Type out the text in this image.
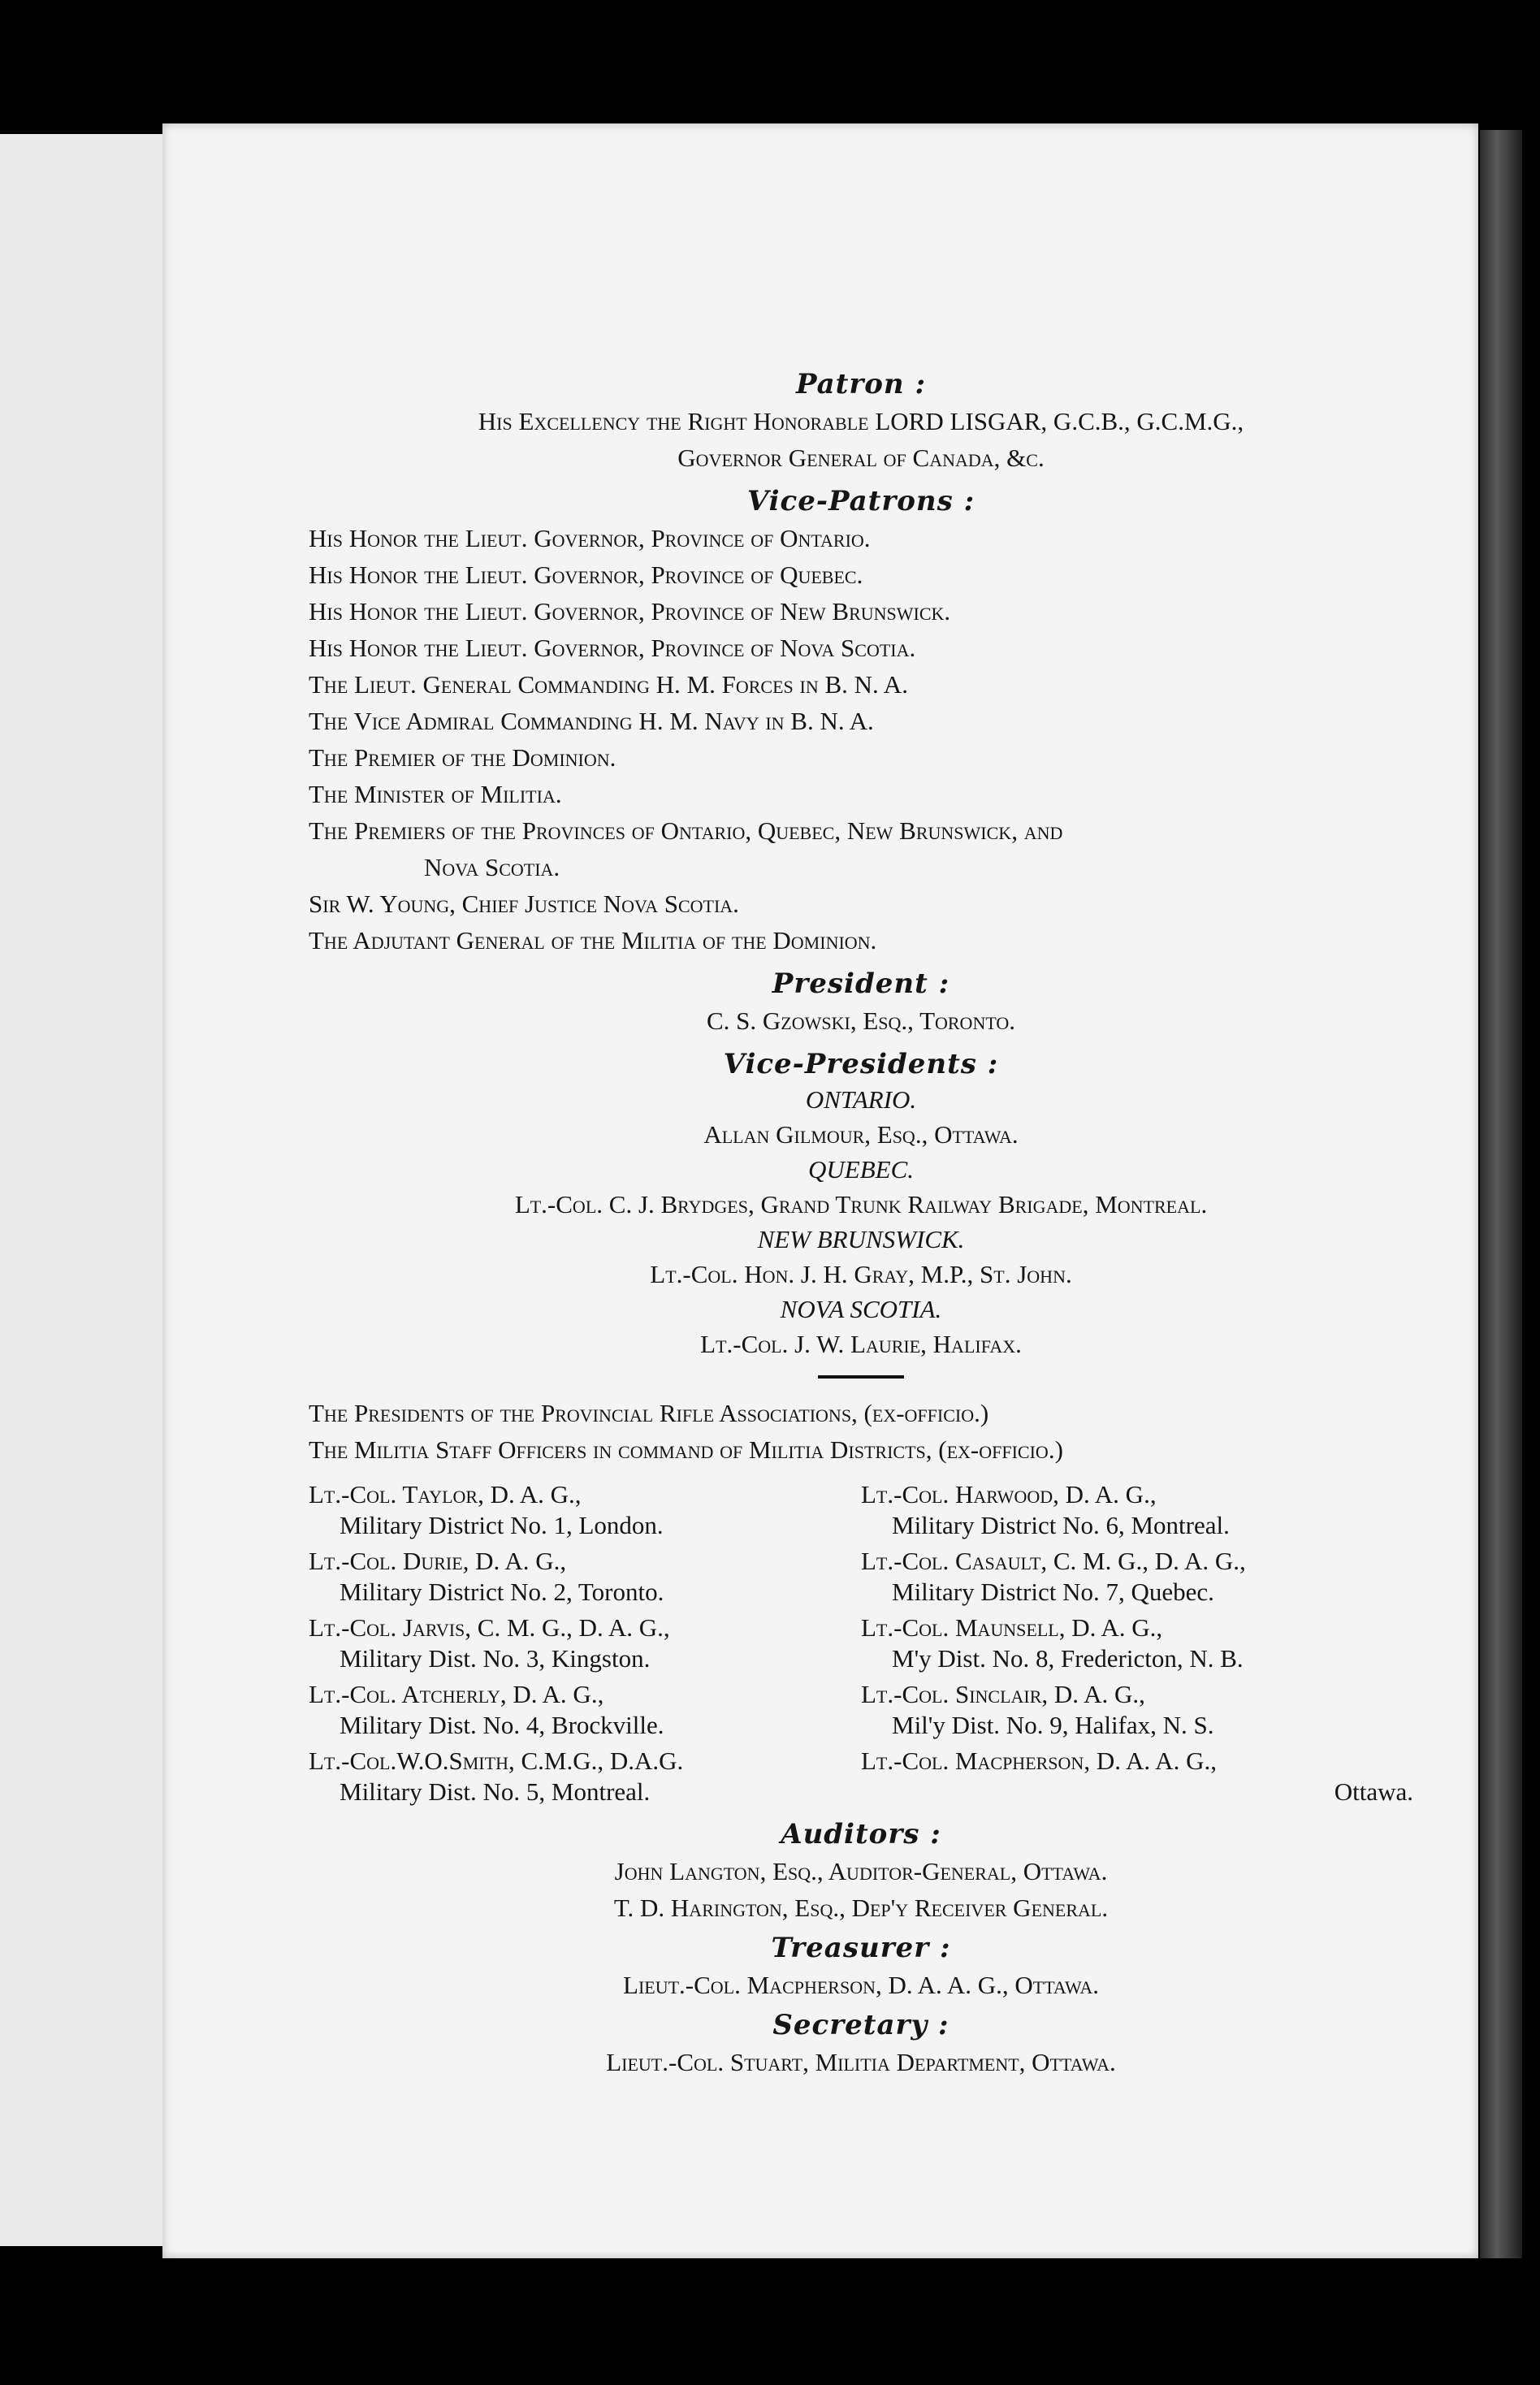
Patron :
His Excellency the Right Honorable LORD LISGAR, G.C.B., G.C.M.G.,
Governor General of Canada, &c.
Vice-Patrons :
His Honor the Lieut. Governor, Province of Ontario.
His Honor the Lieut. Governor, Province of Quebec.
His Honor the Lieut. Governor, Province of New Brunswick.
His Honor the Lieut. Governor, Province of Nova Scotia.
The Lieut. General Commanding H. M. Forces in B. N. A.
The Vice Admiral Commanding H. M. Navy in B. N. A.
The Premier of the Dominion.
The Minister of Militia.
The Premiers of the Provinces of Ontario, Quebec, New Brunswick, and
Nova Scotia.
Sir W. Young, Chief Justice Nova Scotia.
The Adjutant General of the Militia of the Dominion.
President :
C. S. Gzowski, Esq., Toronto.
Vice-Presidents :
ONTARIO.
Allan Gilmour, Esq., Ottawa.
QUEBEC.
Lt.-Col. C. J. Brydges, Grand Trunk Railway Brigade, Montreal.
NEW BRUNSWICK.
Lt.-Col. Hon. J. H. Gray, M.P., St. John.
NOVA SCOTIA.
Lt.-Col. J. W. Laurie, Halifax.
The Presidents of the Provincial Rifle Associations, (ex-officio.)
The Militia Staff Officers in command of Militia Districts, (ex-officio.)
Lt.-Col. Taylor, D. A. G.,
Military District No. 1, London.
Lt.-Col. Durie, D. A. G.,
Military District No. 2, Toronto.
Lt.-Col. Jarvis, C. M. G., D. A. G.,
Military Dist. No. 3, Kingston.
Lt.-Col. Atcherly, D. A. G.,
Military Dist. No. 4, Brockville.
Lt.-Col.W.O.Smith, C.M.G., D.A.G.
Military Dist. No. 5, Montreal.
Lt.-Col. Harwood, D. A. G.,
Military District No. 6, Montreal.
Lt.-Col. Casault, C. M. G., D. A. G.,
Military District No. 7, Quebec.
Lt.-Col. Maunsell, D. A. G.,
M'y Dist. No. 8, Fredericton, N. B.
Lt.-Col. Sinclair, D. A. G.,
Mil'y Dist. No. 9, Halifax, N. S.
Lt.-Col. Macpherson, D. A. A. G.,
Ottawa.
Auditors :
John Langton, Esq., Auditor-General, Ottawa.
T. D. Harington, Esq., Dep'y Receiver General.
Treasurer :
Lieut.-Col. Macpherson, D. A. A. G., Ottawa.
Secretary :
Lieut.-Col. Stuart, Militia Department, Ottawa.
